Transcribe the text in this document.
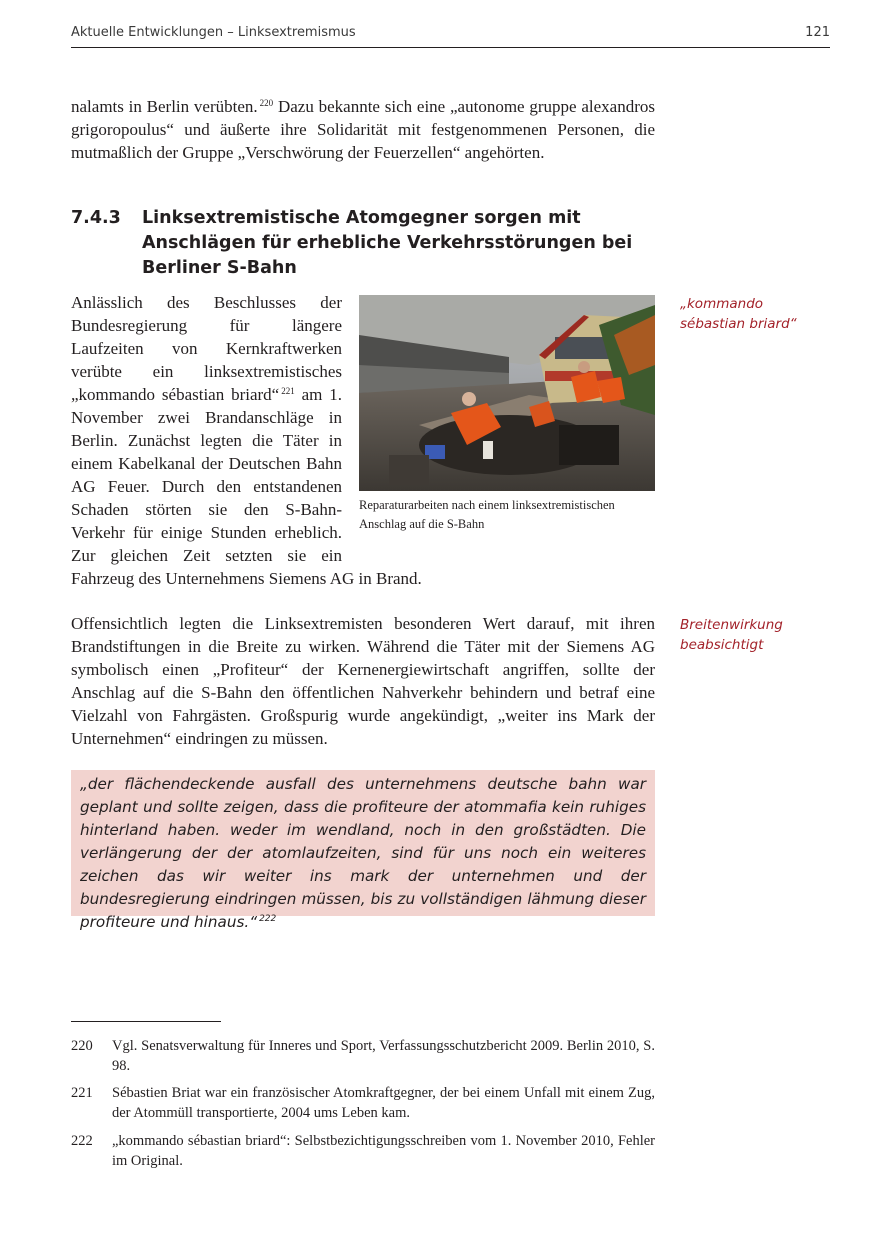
Aktuelle Entwicklungen – Linksextremismus	121

nalamts in Berlin verübten. $^{220}$ Dazu bekannte sich eine „autonome gruppe alexandros grigoropoulus“ und äußerte ihre Solidarität mit festgenommenen Personen, die mutmaßlich der Gruppe „Verschwörung der Feuerzellen“ angehörten.

7.4.3 Linksextremistische Atomgegner sorgen mit Anschlägen für erhebliche Verkehrsstörungen bei Berliner S-Bahn

Reparaturarbeiten nach einem linksextremistischen Anschlag auf die S-Bahn
Anlässlich des Beschlusses der Bundesregierung für längere Laufzeiten von Kernkraftwerken verübte ein linksextremistisches „kommando sébastian briard“ $^{221}$ am 1. November zwei Brandanschläge in Berlin. Zunächst legten die Täter in einem Kabelkanal der Deutschen Bahn AG Feuer. Durch den entstandenen Schaden störten sie den S-Bahn-Verkehr für einige Stunden erheblich. Zur gleichen Zeit setzten sie ein Fahrzeug des Unternehmens Siemens AG in Brand.

„kommando sébastian briard“

Offensichtlich legten die Linksextremisten besonderen Wert darauf, mit ihren Brandstiftungen in die Breite zu wirken. Während die Täter mit der Siemens AG symbolisch einen „Profiteur“ der Kernenergiewirtschaft angriffen, sollte der Anschlag auf die S-Bahn den öffentlichen Nahverkehr behindern und betraf eine Vielzahl von Fahrgästen. Großspurig wurde angekündigt, „weiter ins Mark der Unternehmen“ eindringen zu müssen.

Breitenwirkung beabsichtigt

„der flächendeckende ausfall des unternehmens deutsche bahn war geplant und sollte zeigen, dass die profiteure der atommafia kein ruhiges hinterland haben. weder im wendland, noch in den großstädten. Die verlängerung der der atomlaufzeiten, sind für uns noch ein weiteres zeichen das wir weiter ins mark der unternehmen und der bundesregierung eindringen müssen, bis zu vollständigen lähmung dieser profiteure und hinaus.“ $^{222}$

220 Vgl. Senatsverwaltung für Inneres und Sport, Verfassungsschutzbericht 2009. Berlin 2010, S. 98.
221 Sébastien Briat war ein französischer Atomkraftgegner, der bei einem Unfall mit einem Zug, der Atommüll transportierte, 2004 ums Leben kam.
222 „kommando sébastian briard“: Selbstbezichtigungsschreiben vom 1. November 2010, Fehler im Original.
